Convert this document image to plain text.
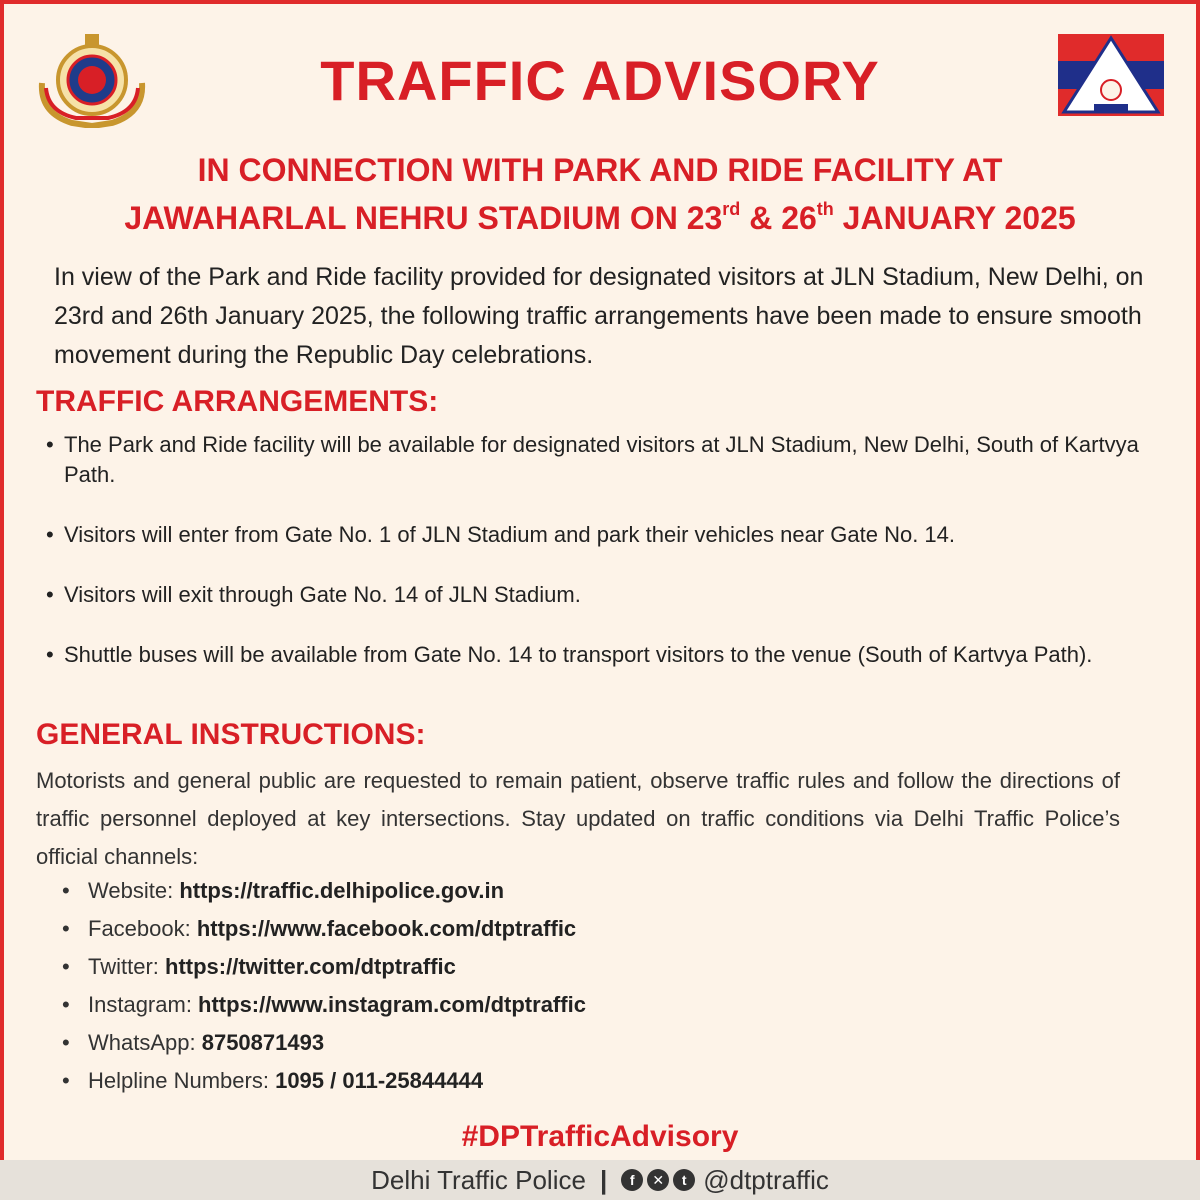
TRAFFIC ADVISORY
IN CONNECTION WITH PARK AND RIDE FACILITY AT
JAWAHARLAL NEHRU STADIUM ON 23rd & 26th JANUARY 2025
In view of the Park and Ride facility provided for designated visitors at JLN Stadium, New Delhi, on 23rd and 26th January 2025, the following traffic arrangements have been made to ensure smooth movement during the Republic Day celebrations.
TRAFFIC ARRANGEMENTS:
• The Park and Ride facility will be available for designated visitors at JLN Stadium, New Delhi, South of Kartvya Path.
• Visitors will enter from Gate No. 1 of JLN Stadium and park their vehicles near Gate No. 14.
• Visitors will exit through Gate No. 14 of JLN Stadium.
• Shuttle buses will be available from Gate No. 14 to transport visitors to the venue (South of Kartvya Path).
GENERAL INSTRUCTIONS:
Motorists and general public are requested to remain patient, observe traffic rules and follow the directions of traffic personnel deployed at key intersections. Stay updated on traffic conditions via Delhi Traffic Police’s official channels:
• Website: https://traffic.delhipolice.gov.in
• Facebook: https://www.facebook.com/dtptraffic
• Twitter: https://twitter.com/dtptraffic
• Instagram: https://www.instagram.com/dtptraffic
• WhatsApp: 8750871493
• Helpline Numbers: 1095 / 011-25844444
#DPTrafficAdvisory
Delhi Traffic Police |	f	✕	t @dtptraffic
